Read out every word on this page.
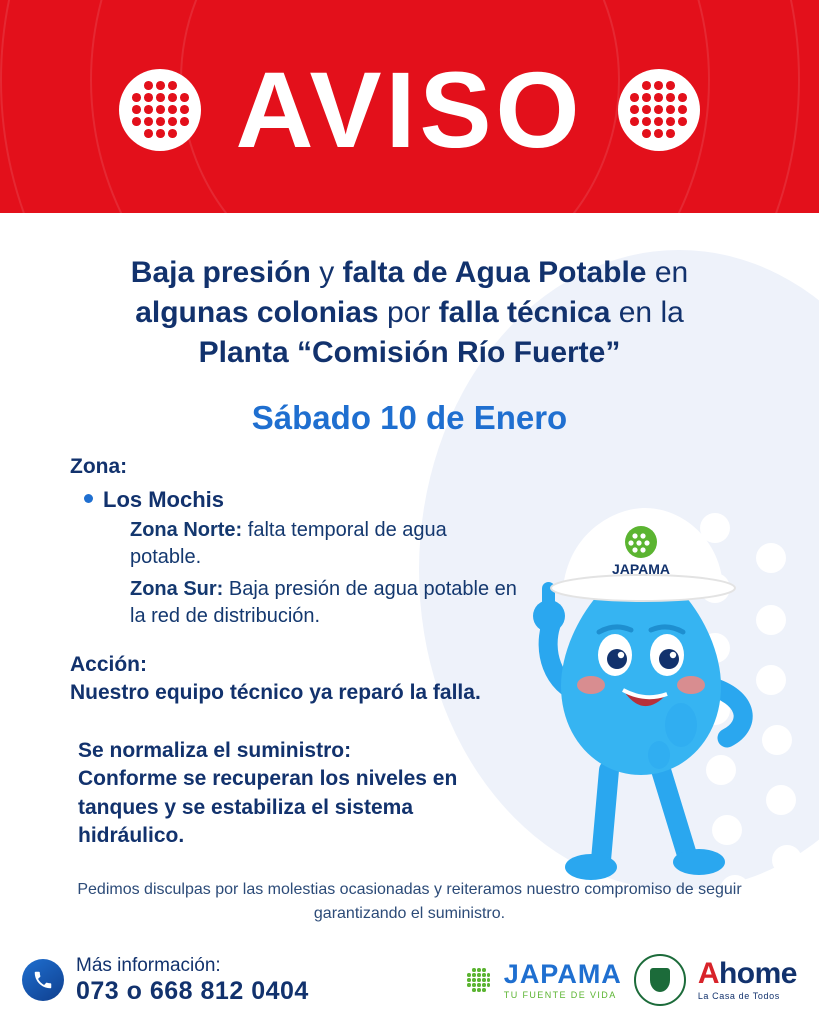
AVISO
Baja presión y falta de Agua Potable en
algunas colonias por falla técnica en la
Planta “Comisión Río Fuerte”
Sábado 10 de Enero
Zona:
Los Mochis
Zona Norte: falta temporal de agua potable.
Zona Sur: Baja presión de agua potable en la red de distribución.
Acción:
Nuestro equipo técnico ya reparó la falla.
Se normaliza el suministro:
Conforme se recuperan los niveles en tanques y se estabiliza el sistema hidráulico.
Pedimos disculpas por las molestias ocasionadas y reiteramos nuestro compromiso de seguir garantizando el suministro.
JAPAMA
Más información:
073 o 668 812 0404
JAPAMA
TU FUENTE DE VIDA
Ahome
La Casa de Todos
